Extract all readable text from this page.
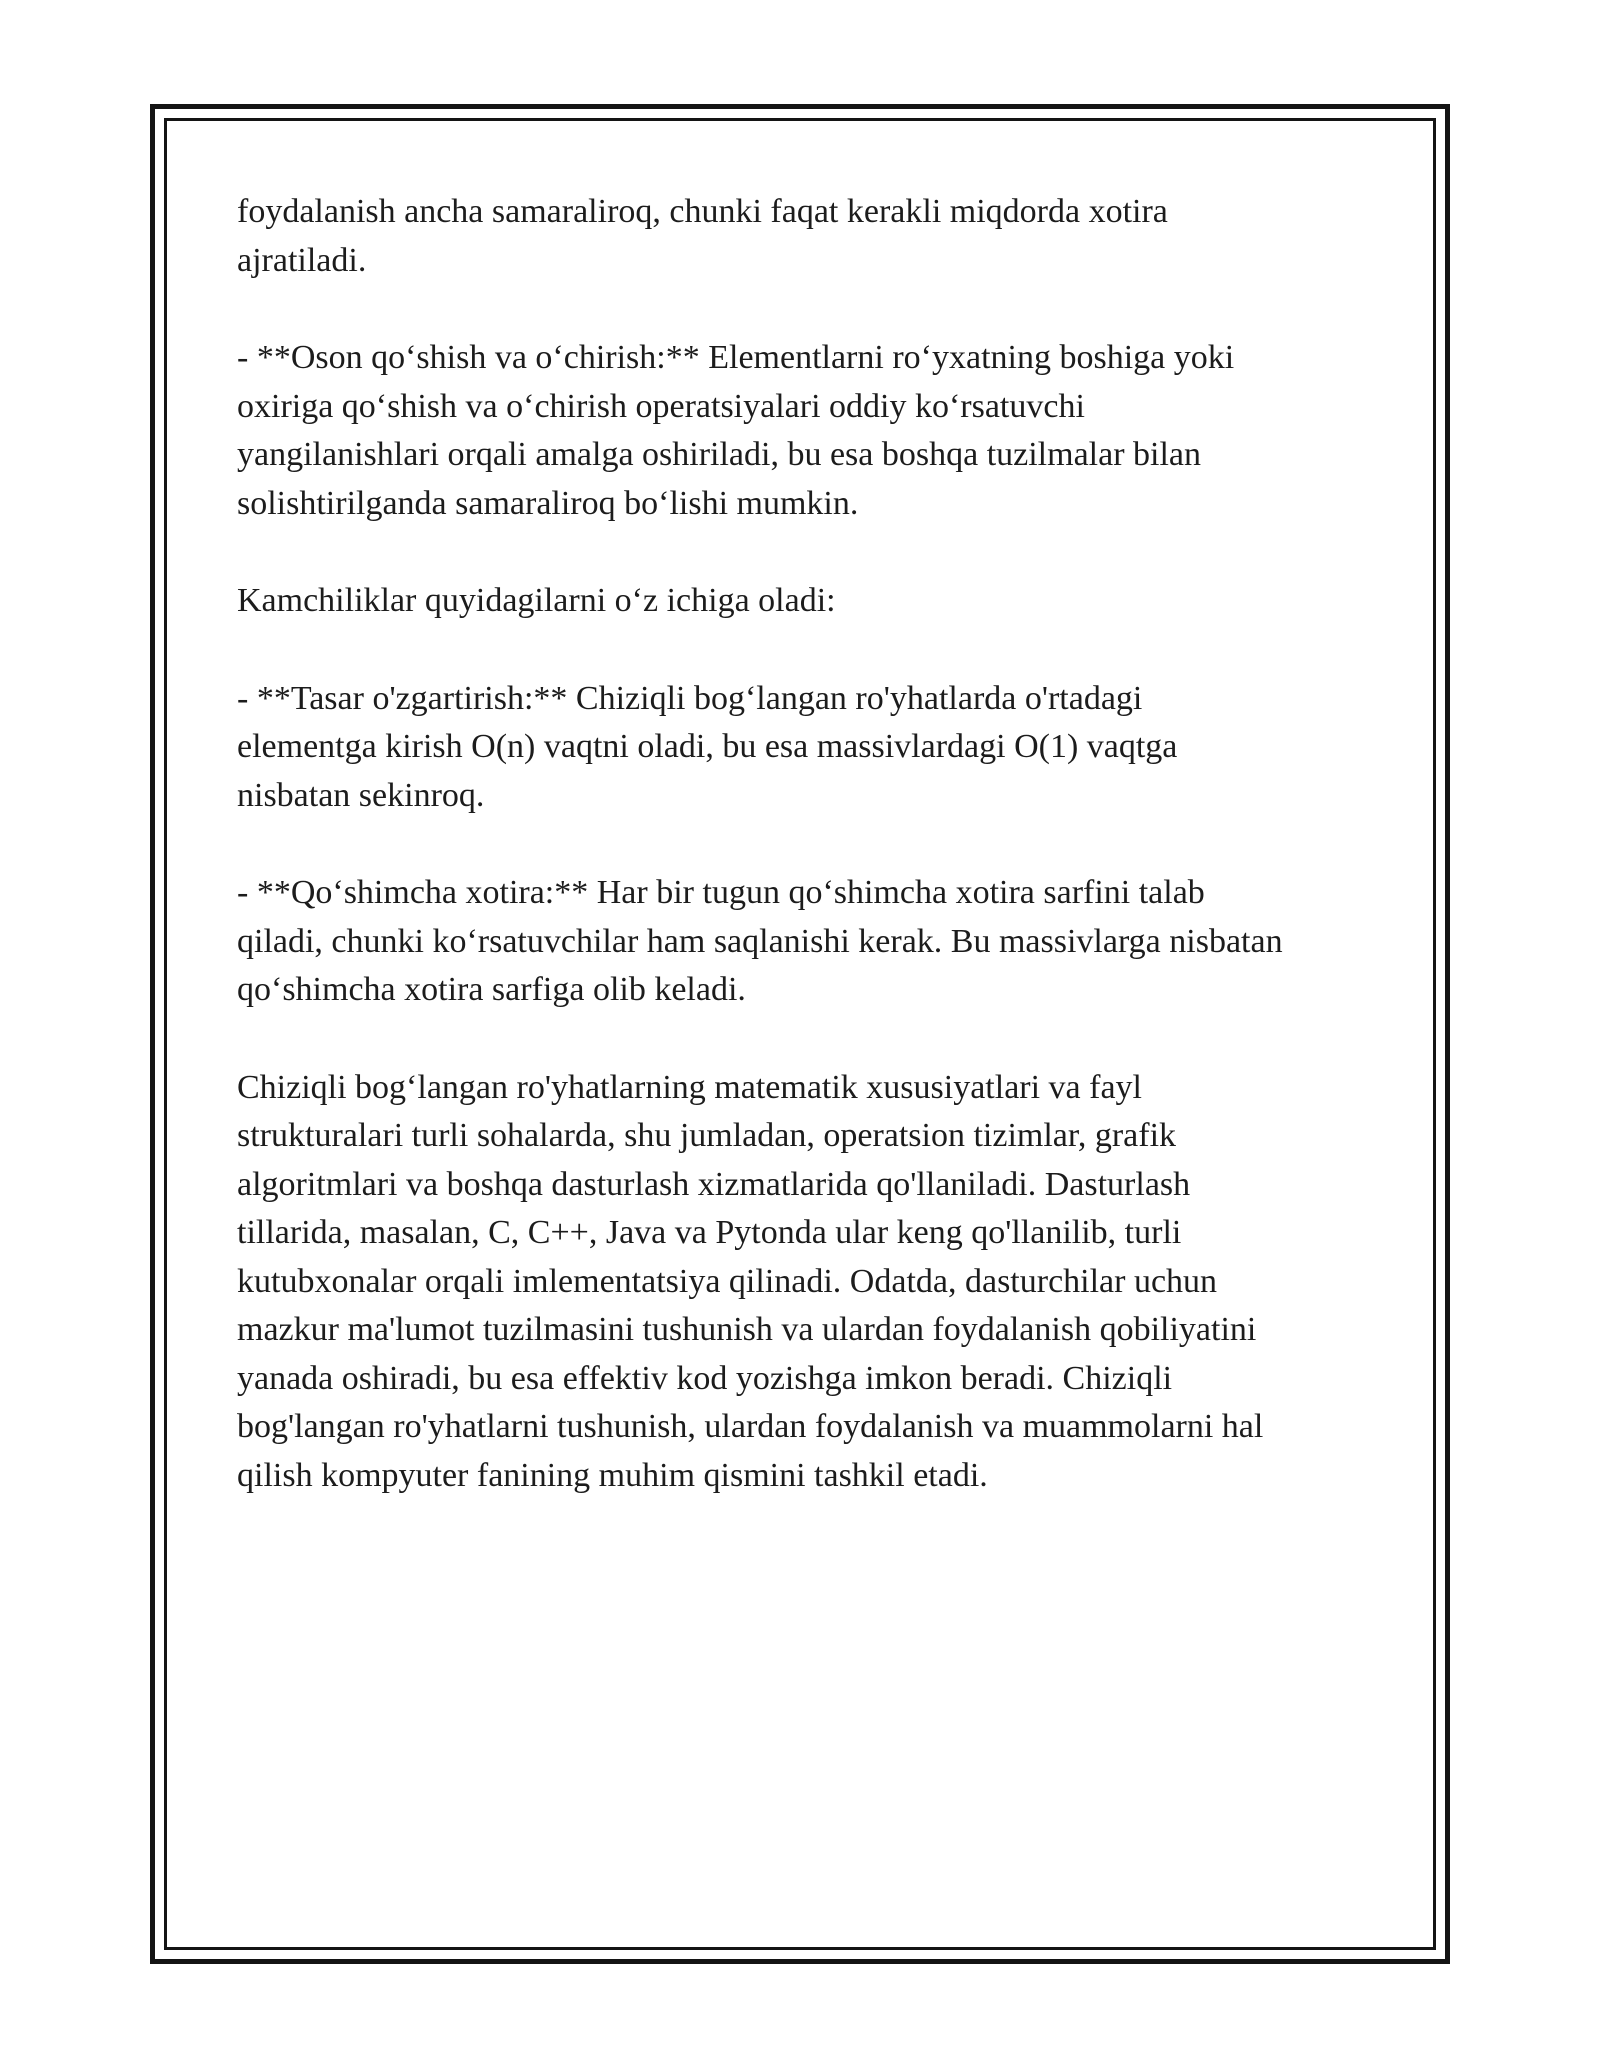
foydalanish ancha samaraliroq, chunki faqat kerakli miqdorda xotira
ajratiladi.

- **Oson qo‘shish va o‘chirish:** Elementlarni ro‘yxatning boshiga yoki
oxiriga qo‘shish va o‘chirish operatsiyalari oddiy ko‘rsatuvchi
yangilanishlari orqali amalga oshiriladi, bu esa boshqa tuzilmalar bilan
solishtirilganda samaraliroq bo‘lishi mumkin.

Kamchiliklar quyidagilarni o‘z ichiga oladi:

- **Tasar o'zgartirish:** Chiziqli bog‘langan ro'yhatlarda o'rtadagi
elementga kirish O(n) vaqtni oladi, bu esa massivlardagi O(1) vaqtga
nisbatan sekinroq.

- **Qo‘shimcha xotira:** Har bir tugun qo‘shimcha xotira sarfini talab
qiladi, chunki ko‘rsatuvchilar ham saqlanishi kerak. Bu massivlarga nisbatan
qo‘shimcha xotira sarfiga olib keladi.

Chiziqli bog‘langan ro'yhatlarning matematik xususiyatlari va fayl
strukturalari turli sohalarda, shu jumladan, operatsion tizimlar, grafik
algoritmlari va boshqa dasturlash xizmatlarida qo'llaniladi. Dasturlash
tillarida, masalan, C, C++, Java va Pytonda ular keng qo'llanilib, turli
kutubxonalar orqali imlementatsiya qilinadi. Odatda, dasturchilar uchun
mazkur ma'lumot tuzilmasini tushunish va ulardan foydalanish qobiliyatini
yanada oshiradi, bu esa effektiv kod yozishga imkon beradi. Chiziqli
bog'langan ro'yhatlarni tushunish, ulardan foydalanish va muammolarni hal
qilish kompyuter fanining muhim qismini tashkil etadi.
